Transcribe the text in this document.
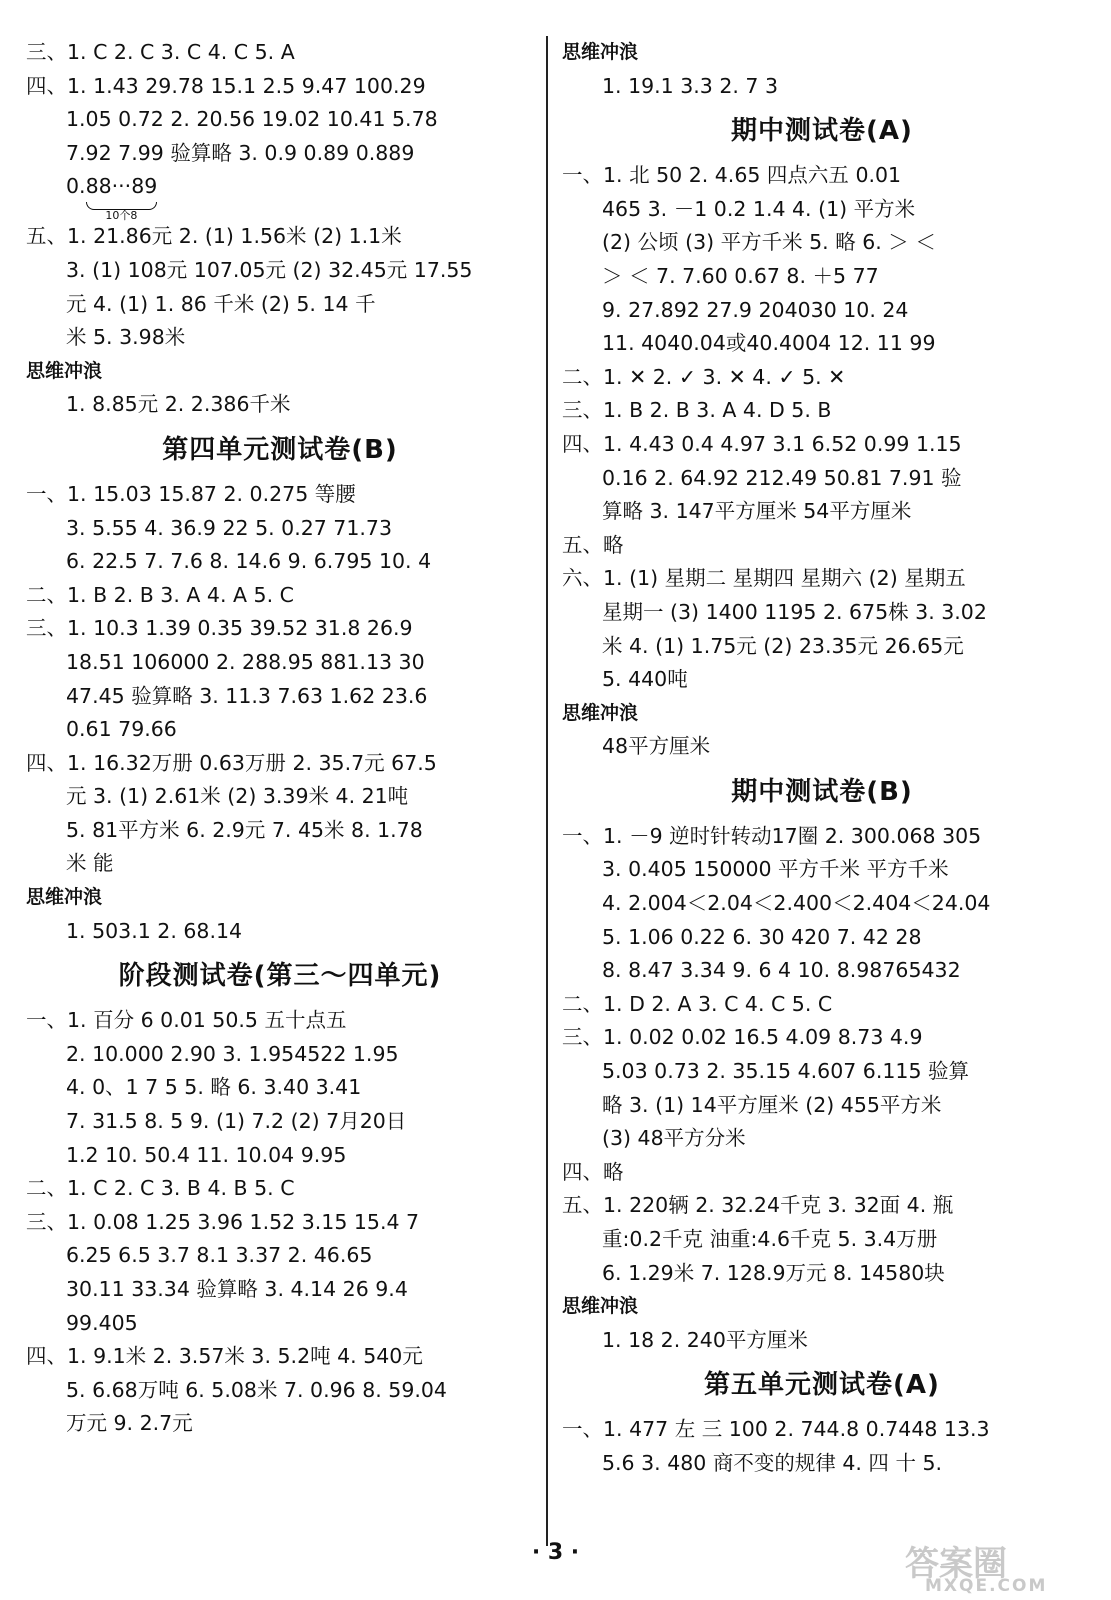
三、1. C 2. C 3. C 4. C 5. A
四、1. 1.43 29.78 15.1 2.5 9.47 100.29
1.05 0.72 2. 20.56 19.02 10.41 5.78
7.92 7.99 验算略 3. 0.9 0.89 0.889
0. 88···89
10个8
五、1. 21.86元 2. (1) 1.56米 (2) 1.1米
3. (1) 108元 107.05元 (2) 32.45元 17.55
元 4. (1) 1. 86 千米 (2) 5. 14 千
米 5. 3.98米
思维冲浪
1. 8.85元 2. 2.386千米
第四单元测试卷(B)
一、1. 15.03 15.87 2. 0.275 等腰
3. 5.55 4. 36.9 22 5. 0.27 71.73
6. 22.5 7. 7.6 8. 14.6 9. 6.795 10. 4
二、1. B 2. B 3. A 4. A 5. C
三、1. 10.3 1.39 0.35 39.52 31.8 26.9
18.51 106000 2. 288.95 881.13 30
47.45 验算略 3. 11.3 7.63 1.62 23.6
0.61 79.66
四、1. 16.32万册 0.63万册 2. 35.7元 67.5
元 3. (1) 2.61米 (2) 3.39米 4. 21吨
5. 81平方米 6. 2.9元 7. 45米 8. 1.78
米 能
思维冲浪
1. 503.1 2. 68.14
阶段测试卷(第三～四单元)
一、1. 百分 6 0.01 50.5 五十点五
2. 10.000 2.90 3. 1.954522 1.95
4. 0、1 7 5 5. 略 6. 3.40 3.41
7. 31.5 8. 5 9. (1) 7.2 (2) 7月20日
1.2 10. 50.4 11. 10.04 9.95
二、1. C 2. C 3. B 4. B 5. C
三、1. 0.08 1.25 3.96 1.52 3.15 15.4 7
6.25 6.5 3.7 8.1 3.37 2. 46.65
30.11 33.34 验算略 3. 4.14 26 9.4
99.405
四、1. 9.1米 2. 3.57米 3. 5.2吨 4. 540元
5. 6.68万吨 6. 5.08米 7. 0.96 8. 59.04
万元 9. 2.7元
思维冲浪
1. 19.1 3.3 2. 7 3
期中测试卷(A)
一、1. 北 50 2. 4.65 四点六五 0.01
465 3. －1 0.2 1.4 4. (1) 平方米
(2) 公顷 (3) 平方千米 5. 略 6. ＞ ＜
＞ ＜ 7. 7.60 0.67 8. ＋5 77
9. 27.892 27.9 204030 10. 24
11. 4040.04或40.4004 12. 11 99
二、1. ✕ 2. ✓ 3. ✕ 4. ✓ 5. ✕
三、1. B 2. B 3. A 4. D 5. B
四、1. 4.43 0.4 4.97 3.1 6.52 0.99 1.15
0.16 2. 64.92 212.49 50.81 7.91 验
算略 3. 147平方厘米 54平方厘米
五、略
六、1. (1) 星期二 星期四 星期六 (2) 星期五
星期一 (3) 1400 1195 2. 675株 3. 3.02
米 4. (1) 1.75元 (2) 23.35元 26.65元
5. 440吨
思维冲浪
48平方厘米
期中测试卷(B)
一、1. －9 逆时针转动17圈 2. 300.068 305
3. 0.405 150000 平方千米 平方千米
4. 2.004＜2.04＜2.400＜2.404＜24.04
5. 1.06 0.22 6. 30 420 7. 42 28
8. 8.47 3.34 9. 6 4 10. 8.98765432
二、1. D 2. A 3. C 4. C 5. C
三、1. 0.02 0.02 16.5 4.09 8.73 4.9
5.03 0.73 2. 35.15 4.607 6.115 验算
略 3. (1) 14平方厘米 (2) 455平方米
(3) 48平方分米
四、略
五、1. 220辆 2. 32.24千克 3. 32面 4. 瓶
重:0.2千克 油重:4.6千克 5. 3.4万册
6. 1.29米 7. 128.9万元 8. 14580块
思维冲浪
1. 18 2. 240平方厘米
第五单元测试卷(A)
一、1. 477 左 三 100 2. 744.8 0.7448 13.3
5.6 3. 480 商不变的规律 4. 四 十 5.
· 3 ·	答案圈
MXQE.COM
